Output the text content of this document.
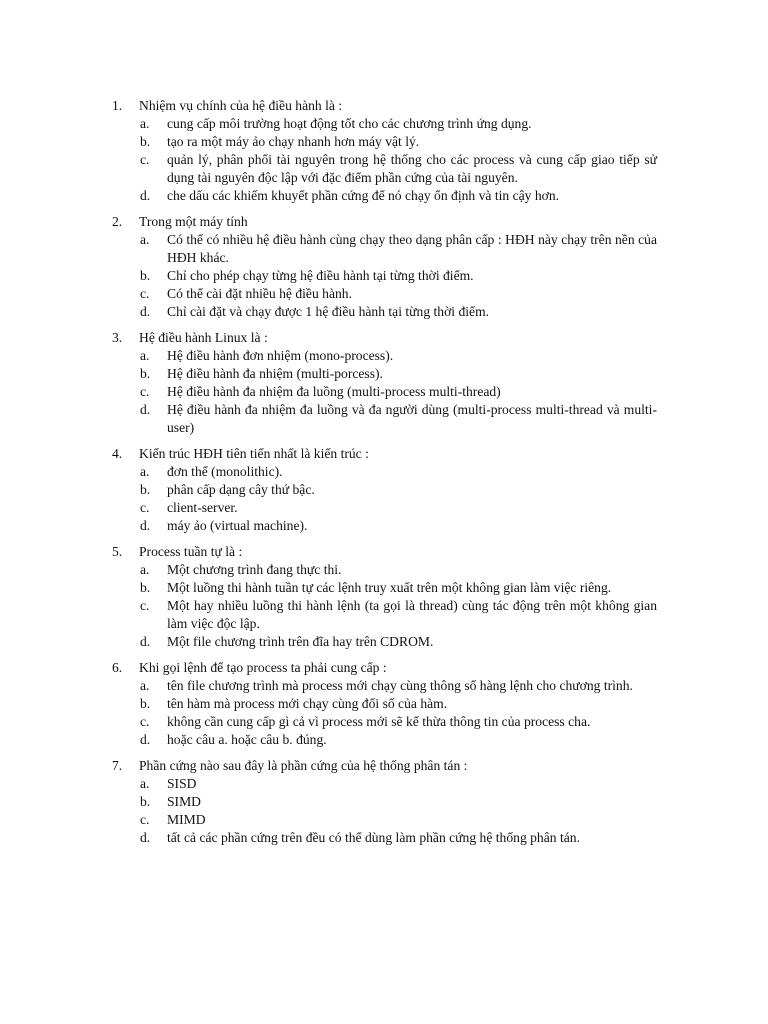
1.	Nhiệm vụ chính của hệ điều hành là :
a.	cung cấp môi trường hoạt động tốt cho các chương trình ứng dụng.
b.	tạo ra một máy ảo chạy nhanh hơn máy vật lý.
c.	quản lý, phân phối tài nguyên trong hệ thống cho các process và cung cấp giao tiếp sử dụng tài nguyên độc lập với đặc điểm phần cứng của tài nguyên.
d.	che dấu các khiếm khuyết phần cứng để nó chạy ổn định và tin cậy hơn.
2.	Trong một máy tính
a.	Có thể có nhiều hệ điều hành cùng chạy theo dạng phân cấp : HĐH này chạy trên nền của HĐH khác.
b.	Chỉ cho phép chạy từng hệ điều hành tại từng thời điểm.
c.	Có thể cài đặt nhiều hệ điều hành.
d.	Chỉ cài đặt và chạy được 1 hệ điều hành tại từng thời điểm.
3.	Hệ điều hành Linux là :
a.	Hệ điều hành đơn nhiệm (mono-process).
b.	Hệ điều hành đa nhiệm (multi-porcess).
c.	Hệ điều hành đa nhiệm đa luồng (multi-process multi-thread)
d.	Hệ điều hành đa nhiệm đa luồng và đa người dùng (multi-process multi-thread và multi-user)
4.	Kiến trúc HĐH tiên tiến nhất là kiến trúc :
a.	đơn thể (monolithic).
b.	phân cấp dạng cây thứ bậc.
c.	client-server.
d.	máy ảo (virtual machine).
5.	Process tuần tự là :
a.	Một chương trình đang thực thi.
b.	Một luồng thi hành tuần tự các lệnh truy xuất trên một không gian làm việc riêng.
c.	Một hay nhiều luồng thi hành lệnh (ta gọi là thread) cùng tác động trên một không gian làm việc độc lập.
d.	Một file chương trình trên đĩa hay trên CDROM.
6.	Khi gọi lệnh để tạo process ta phải cung cấp :
a.	tên file chương trình mà process mới chạy cùng thông số hàng lệnh cho chương trình.
b.	tên hàm mà process mới chạy cùng đối số của hàm.
c.	không cần cung cấp gì cả vì process mới sẽ kế thừa thông tin của process cha.
d.	hoặc câu a. hoặc câu b. đúng.
7.	Phần cứng nào sau đây là phần cứng của hệ thống phân tán :
a.	SISD
b.	SIMD
c.	MIMD
d.	tất cả các phần cứng trên đều có thể dùng làm phần cứng hệ thống phân tán.
